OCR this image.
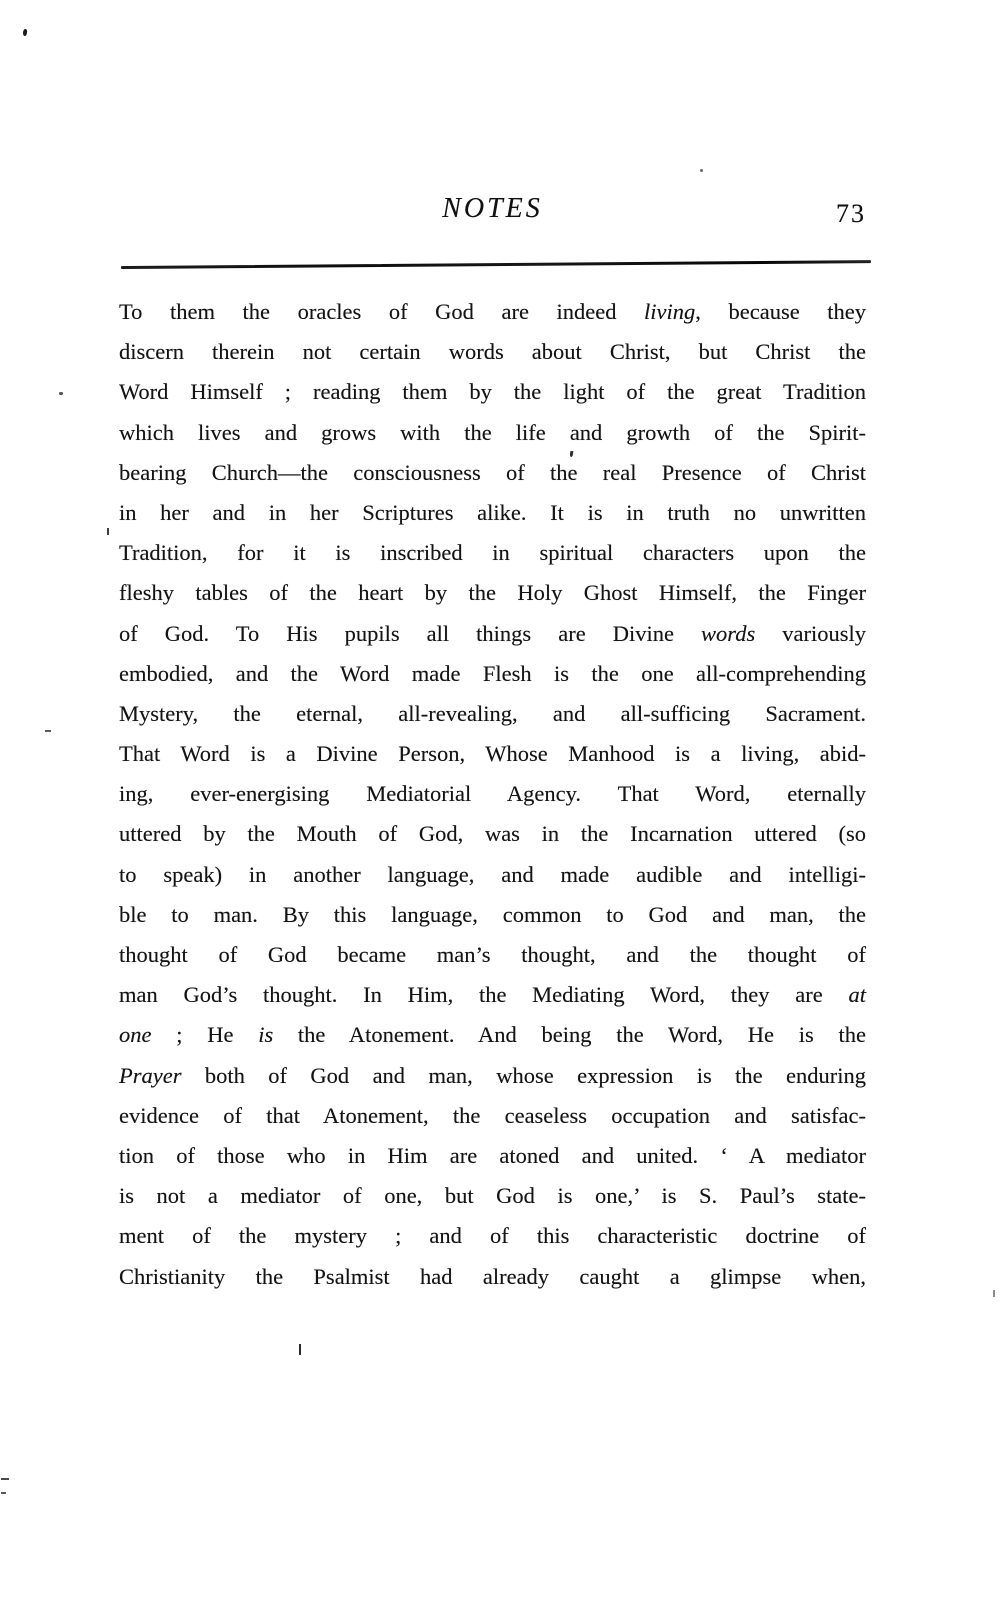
NOTES	73
To them the oracles of God are indeed living, because they
discern therein not certain words about Christ, but Christ the
Word Himself ; reading them by the light of the great Tradition
which lives and grows with the life and growth of the Spirit-
bearing Church—the consciousness of the real Presence of Christ
in her and in her Scriptures alike. It is in truth no unwritten
Tradition, for it is inscribed in spiritual characters upon the
fleshy tables of the heart by the Holy Ghost Himself, the Finger
of God. To His pupils all things are Divine words variously
embodied, and the Word made Flesh is the one all-comprehending
Mystery, the eternal, all-revealing, and all-sufficing Sacrament.
That Word is a Divine Person, Whose Manhood is a living, abid-
ing, ever-energising Mediatorial Agency. That Word, eternally
uttered by the Mouth of God, was in the Incarnation uttered (so
to speak) in another language, and made audible and intelligi-
ble to man. By this language, common to God and man, the
thought of God became man’s thought, and the thought of
man God’s thought. In Him, the Mediating Word, they are at
one ; He is the Atonement. And being the Word, He is the
Prayer both of God and man, whose expression is the enduring
evidence of that Atonement, the ceaseless occupation and satisfac-
tion of those who in Him are atoned and united. ‘ A mediator
is not a mediator of one, but God is one,’ is S. Paul’s state-
ment of the mystery ; and of this characteristic doctrine of
Christianity the Psalmist had already caught a glimpse when,
